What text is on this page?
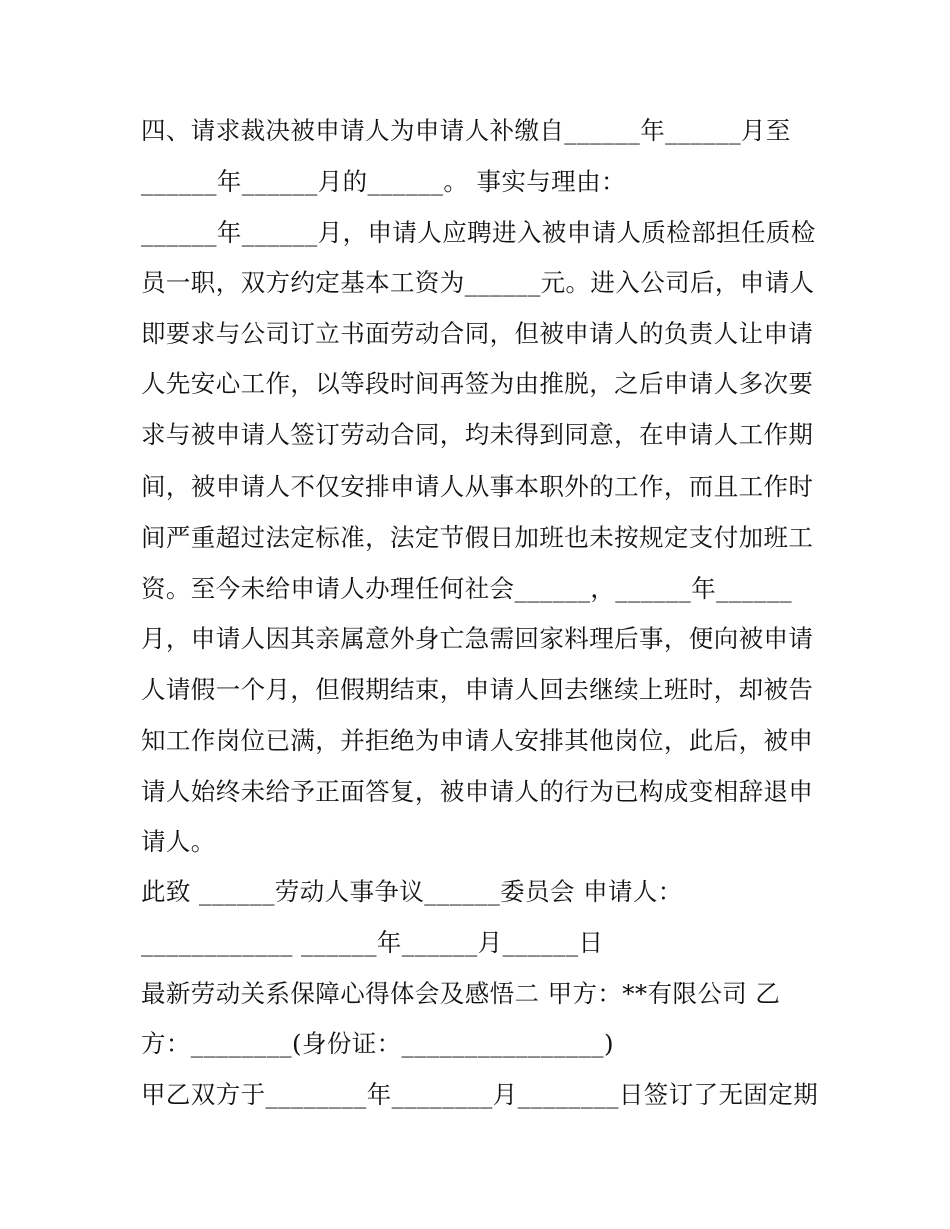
四、请求裁决被申请人为申请人补缴自______年______月至
______年______月的______。 事实与理由：
______年______月，申请人应聘进入被申请人质检部担任质检
员一职，双方约定基本工资为______元。进入公司后，申请人
即要求与公司订立书面劳动合同，但被申请人的负责人让申请
人先安心工作，以等段时间再签为由推脱，之后申请人多次要
求与被申请人签订劳动合同，均未得到同意，在申请人工作期
间，被申请人不仅安排申请人从事本职外的工作，而且工作时
间严重超过法定标准，法定节假日加班也未按规定支付加班工
资。至今未给申请人办理任何社会______，______年______
月，申请人因其亲属意外身亡急需回家料理后事，便向被申请
人请假一个月，但假期结束，申请人回去继续上班时，却被告
知工作岗位已满，并拒绝为申请人安排其他岗位，此后，被申
请人始终未给予正面答复，被申请人的行为已构成变相辞退申
请人。
此致 ______劳动人事争议______委员会 申请人：
____________ ______年______月______日
最新劳动关系保障心得体会及感悟二 甲方：**有限公司 乙
方：________(身份证：________________)
甲乙双方于________年________月________日签订了无固定期
